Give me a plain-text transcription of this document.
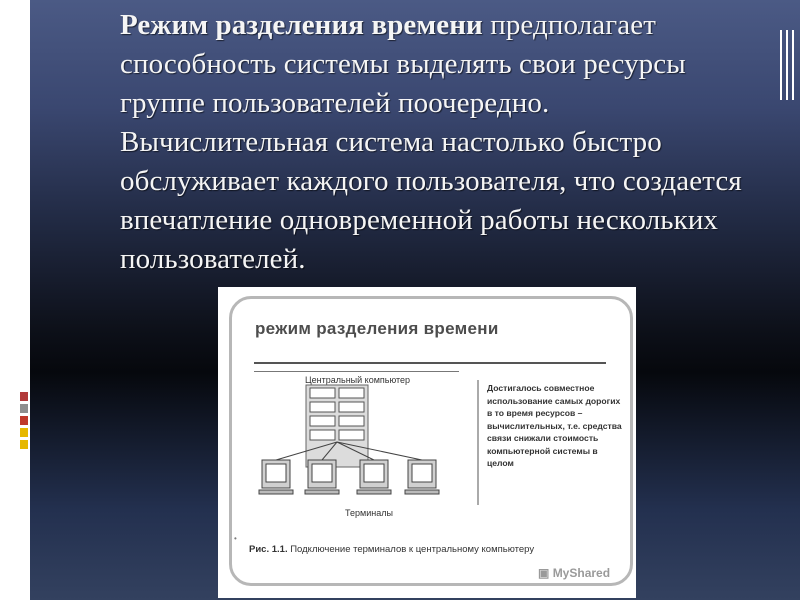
Режим разделения времени предполагает способность системы выделять свои ресурсы группе пользователей поочередно. Вычислительная система настолько быстро обслуживает каждого пользователя, что создается впечатление одновременной работы нескольких пользователей.
режим разделения времени
Центральный компьютер
Терминалы
Достигалось совместное использование самых дорогих в то время ресурсов – вычислительных, т.е. средства связи снижали стоимость компьютерной системы в целом
•
Рис. 1.1. Подключение терминалов к центральному компьютеру
▣ MyShared
